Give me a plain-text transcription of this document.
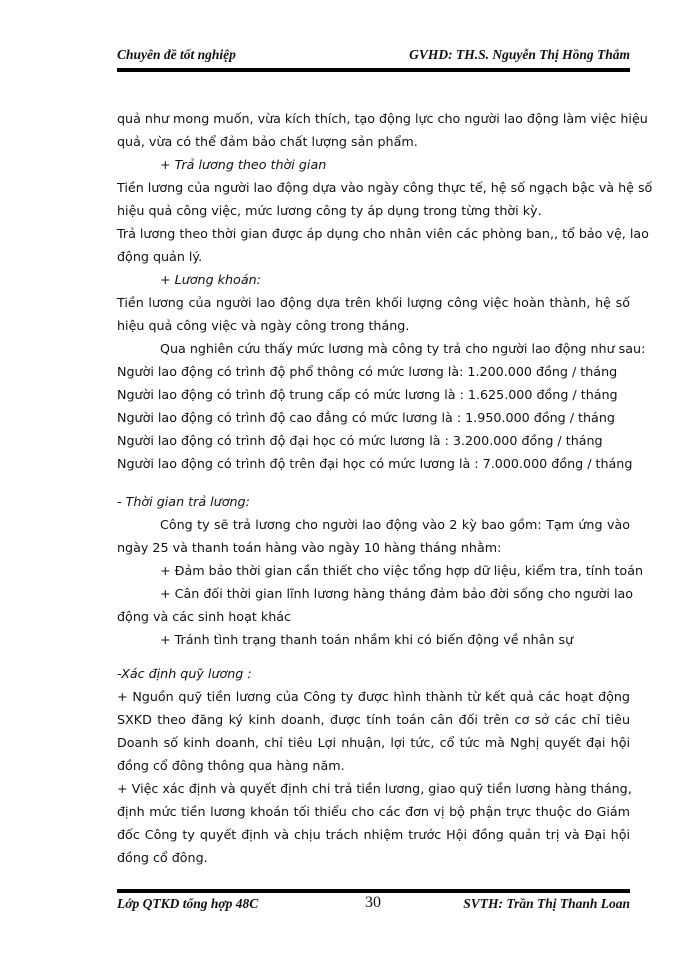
Chuyên đề tốt nghiệp	GVHD: TH.S. Nguyễn Thị Hồng Thắm
quả như mong muốn, vừa kích thích, tạo động lực cho người lao động làm việc hiệu
quả, vừa có thể đảm bảo chất lượng sản phẩm.
+ Trả lương theo thời gian
Tiền lương của người lao động dựa vào ngày công thực tế, hệ số ngạch bậc và hệ số
hiệu quả công việc, mức lương công ty áp dụng trong từng thời kỳ.
Trả lương theo thời gian được áp dụng cho nhân viên các phòng ban,, tổ bảo vệ, lao
động quản lý.
+ Lương khoán:
Tiền lương của người lao động dựa trên khối lượng công việc hoàn thành, hệ số
hiệu quả công việc và ngày công trong tháng.
Qua nghiên cứu thấy mức lương mà công ty trả cho người lao động như sau:
Người lao động có trình độ phổ thông có mức lương là: 1.200.000 đồng / tháng
Người lao động có trình độ trung cấp có mức lương là : 1.625.000 đồng / tháng
Người lao động có trình độ cao đẳng có mức lương là : 1.950.000 đồng / tháng
Người lao động có trình độ đại học có mức lương là : 3.200.000 đồng / tháng
Người lao động có trình độ trên đại học có mức lương là : 7.000.000 đồng / tháng
- Thời gian trả lương:
Công ty sẽ trả lương cho người lao động vào 2 kỳ bao gồm: Tạm ứng vào
ngày 25 và thanh toán hàng vào ngày 10 hàng tháng nhằm:
+ Đảm bảo thời gian cần thiết cho việc tổng hợp dữ liệu, kiểm tra, tính toán
+ Cân đối thời gian lĩnh lương hàng tháng đảm bảo đời sống cho người lao
động và các sinh hoạt khác
+ Tránh tình trạng thanh toán nhầm khi có biến động về nhân sự
-Xác định quỹ lương :
+ Nguồn quỹ tiền lương của Công ty được hình thành từ kết quả các hoạt động
SXKD theo đăng ký kinh doanh, được tính toán cân đối trên cơ sở các chỉ tiêu
Doanh số kinh doanh, chỉ tiêu Lợi nhuận, lợi tức, cổ tức mà Nghị quyết đại hội
đồng cổ đông thông qua hàng năm.
+ Việc xác định và quyết định chi trả tiền lương, giao quỹ tiền lương hàng tháng,
định mức tiền lương khoán tối thiểu cho các đơn vị bộ phận trực thuộc do Giám
đốc Công ty quyết định và chịu trách nhiệm trước Hội đồng quản trị và Đại hội
đồng cổ đông.
Lớp QTKD tổng hợp 48C	30	SVTH: Trần Thị Thanh Loan
